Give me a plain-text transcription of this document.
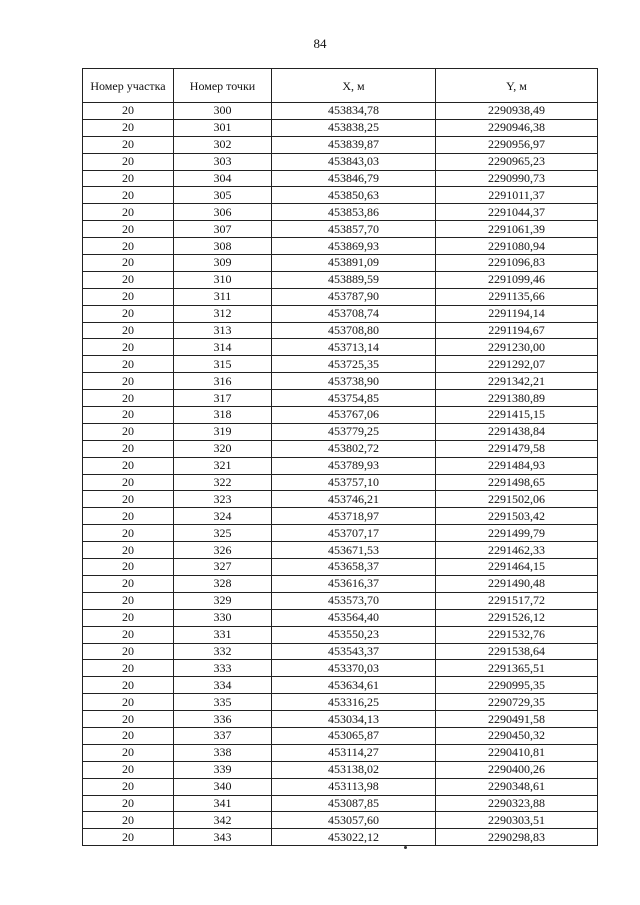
84
Номер участка	Номер точки	X, м	Y, м
20	300	453834,78	2290938,49
20	301	453838,25	2290946,38
20	302	453839,87	2290956,97
20	303	453843,03	2290965,23
20	304	453846,79	2290990,73
20	305	453850,63	2291011,37
20	306	453853,86	2291044,37
20	307	453857,70	2291061,39
20	308	453869,93	2291080,94
20	309	453891,09	2291096,83
20	310	453889,59	2291099,46
20	311	453787,90	2291135,66
20	312	453708,74	2291194,14
20	313	453708,80	2291194,67
20	314	453713,14	2291230,00
20	315	453725,35	2291292,07
20	316	453738,90	2291342,21
20	317	453754,85	2291380,89
20	318	453767,06	2291415,15
20	319	453779,25	2291438,84
20	320	453802,72	2291479,58
20	321	453789,93	2291484,93
20	322	453757,10	2291498,65
20	323	453746,21	2291502,06
20	324	453718,97	2291503,42
20	325	453707,17	2291499,79
20	326	453671,53	2291462,33
20	327	453658,37	2291464,15
20	328	453616,37	2291490,48
20	329	453573,70	2291517,72
20	330	453564,40	2291526,12
20	331	453550,23	2291532,76
20	332	453543,37	2291538,64
20	333	453370,03	2291365,51
20	334	453634,61	2290995,35
20	335	453316,25	2290729,35
20	336	453034,13	2290491,58
20	337	453065,87	2290450,32
20	338	453114,27	2290410,81
20	339	453138,02	2290400,26
20	340	453113,98	2290348,61
20	341	453087,85	2290323,88
20	342	453057,60	2290303,51
20	343	453022,12	2290298,83
